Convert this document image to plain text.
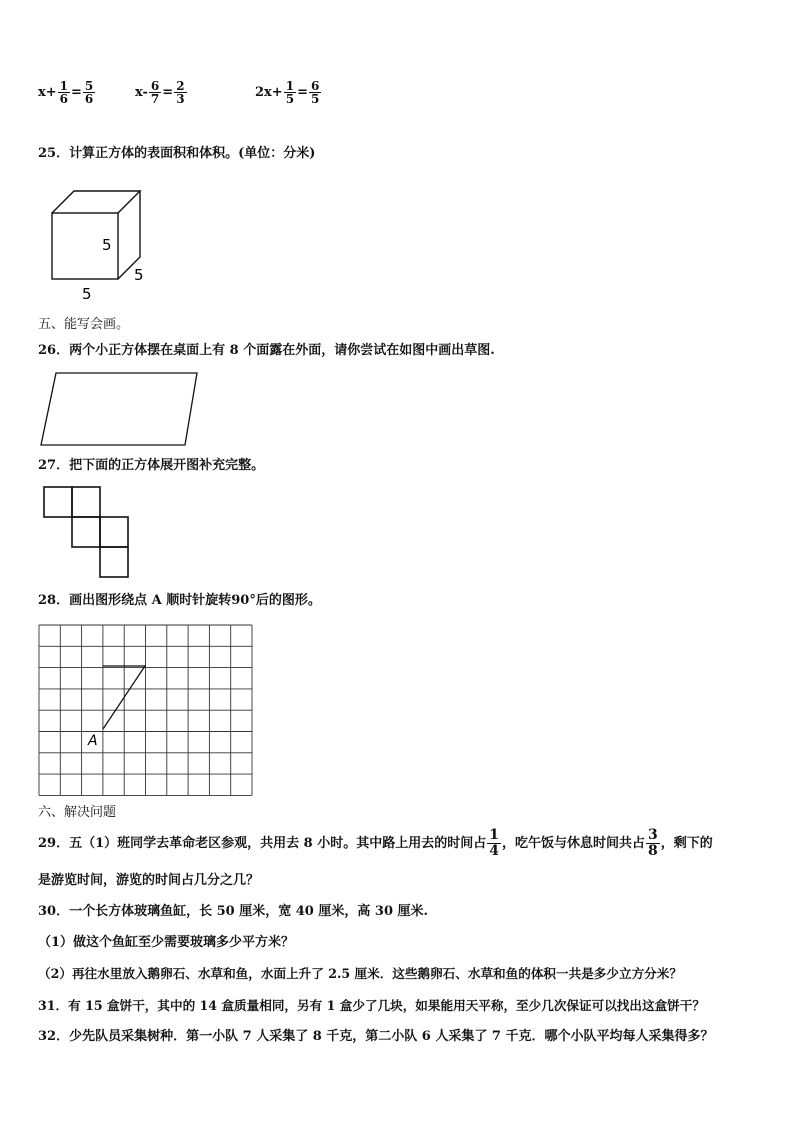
$x+ \frac{1}{6} = \frac{5}{6}$	$x- \frac{6}{7} = \frac{2}{3}$	$2x+ \frac{1}{5} = \frac{6}{5}$
25．计算正方体的表面积和体积。(单位：分米)
5
5
5
五、能写会画。
26．两个小正方体摆在桌面上有 8 个面露在外面，请你尝试在如图中画出草图.
27．把下面的正方体展开图补充完整。
28．画出图形绕点 A 顺时针旋转90°后的图形。
A
六、解决问题
29．五（1）班同学去革命老区参观，共用去 8 小时。其中路上用去的时间占 $\frac{1}{4}$ ，吃午饭与休息时间共占 $\frac{3}{8}$ ，剩下的
是游览时间，游览的时间占几分之几？
30．一个长方体玻璃鱼缸，长 50 厘米，宽 40 厘米，高 30 厘米.
（1）做这个鱼缸至少需要玻璃多少平方米？
（2）再往水里放入鹅卵石、水草和鱼，水面上升了 2.5 厘米．这些鹅卵石、水草和鱼的体积一共是多少立方分米？
31．有 15 盒饼干，其中的 14 盒质量相同，另有 1 盒少了几块，如果能用天平称，至少几次保证可以找出这盒饼干？
32．少先队员采集树种．第一小队 7 人采集了 8 千克，第二小队 6 人采集了 7 千克．哪个小队平均每人采集得多？
